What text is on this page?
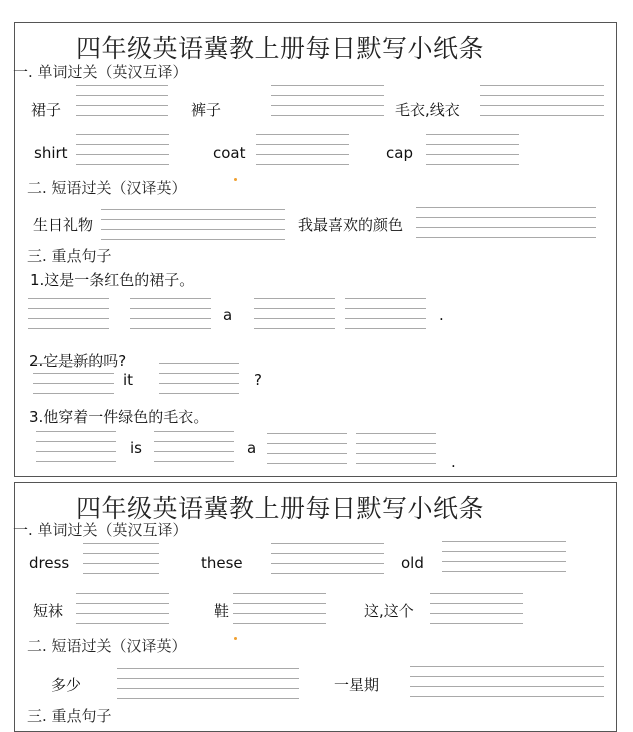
四年级英语冀教上册每日默写小纸条
一. 单词过关（英汉互译）
裙子	裤子	毛衣,线衣
shirt	coat	cap
二. 短语过关（汉译英）
生日礼物	我最喜欢的颜色
三. 重点句子
1.这是一条红色的裙子。
a	.
2.它是新的吗?
it	?
3.他穿着一件绿色的毛衣。
is	a
.
四年级英语冀教上册每日默写小纸条
一. 单词过关（英汉互译）
dress	these	old
短袜	鞋	这,这个
二. 短语过关（汉译英）
多少	一星期
三. 重点句子
